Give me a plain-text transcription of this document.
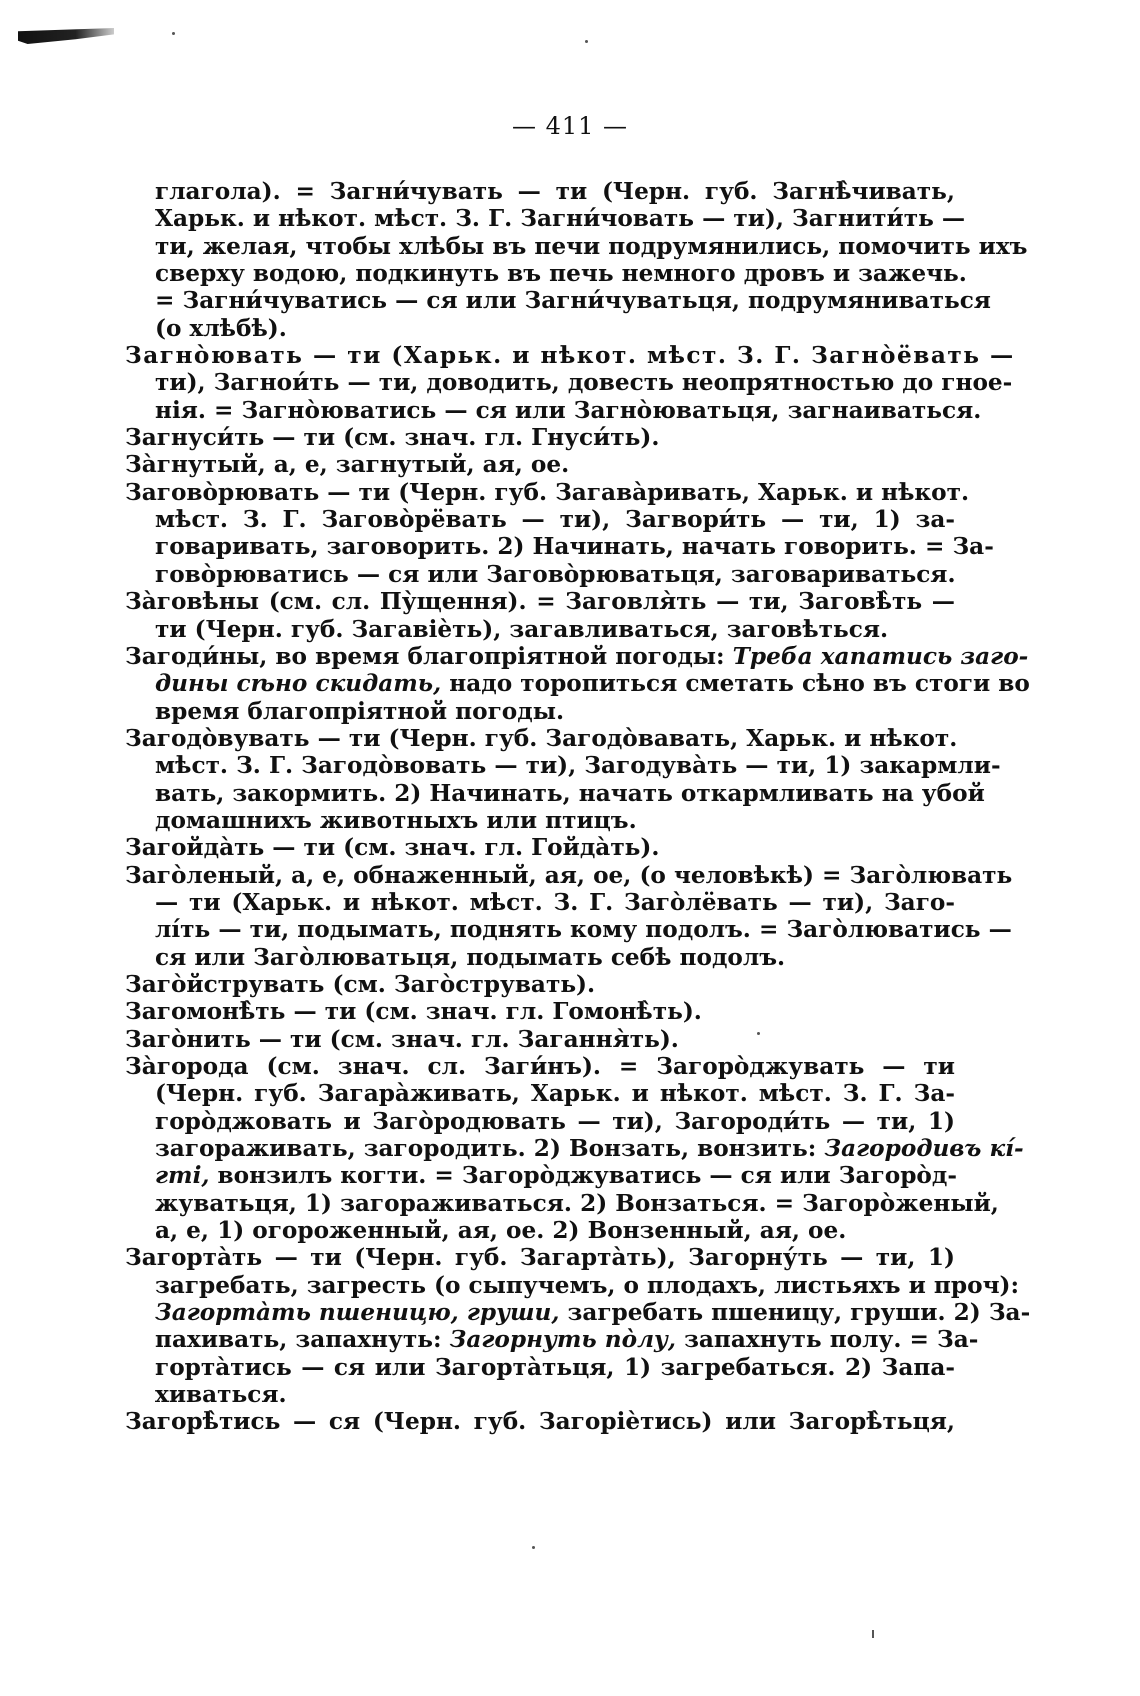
— 411 —
глагола). = Загни́чувать — ти (Черн. губ. Загнѣ̀чивать,
Харьк. и нѣкот. мѣст. З. Г. Загни́човать — ти), Загнити́ть —
ти, желая, чтобы хлѣбы въ печи подрумянились, помочить ихъ
сверху водою, подкинуть въ печь немного дровъ и зажечь.
= Загни́чуватись — ся или Загни́чуватьця, подрумяниваться
(о хлѣбѣ).
Загно̀ювать — ти (Харьк. и нѣкот. мѣст. З. Г. Загно̀ёвать —
ти), Загнои́ть — ти, доводить, довесть неопрятностью до гное-
нія. = Загно̀юватись — ся или Загно̀юватьця, загнаиваться.
Загнуси́ть — ти (см. знач. гл. Гнуси́ть).
За̀гнутый, а, е, загнутый, ая, ое.
Загово̀рювать — ти (Черн. губ. Загава̀ривать, Харьк. и нѣкот.
мѣст. З. Г. Загово̀рёвать — ти), Загвори́ть — ти, 1) за-
говаривать, заговорить. 2) Начинать, начать говорить. = За-
гово̀рюватись — ся или Загово̀рюватьця, заговариваться.
За̀говѣны (см. сл. Пу̀щення). = Заговля̀ть — ти, Заговѣ̀ть —
ти (Черн. губ. Загавіѐть), загавливаться, заговѣться.
Загоди́ны, во время благопріятной погоды: Треба хапатись заго-
дины сѣно скидать, надо торопиться сметать сѣно въ стоги во
время благопріятной погоды.
Загодо̀вувать — ти (Черн. губ. Загодо̀вавать, Харьк. и нѣкот.
мѣст. З. Г. Загодо̀вовать — ти), Загодува̀ть — ти, 1) закармли-
вать, закормить. 2) Начинать, начать откармливать на убой
домашнихъ животныхъ или птицъ.
Загойда̀ть — ти (см. знач. гл. Гойда̀ть).
Заго̀леный, а, е, обнаженный, ая, ое, (о человѣкѣ) = Заго̀лювать
— ти (Харьк. и нѣкот. мѣст. З. Г. Заго̀лёвать — ти), Заго-
лі́ть — ти, подымать, поднять кому подолъ. = Заго̀люватись —
ся или Заго̀люватьця, подымать себѣ подолъ.
Заго̀йструвать (см. Заго̀струвать).
Загомонѣ̀ть — ти (см. знач. гл. Гомонѣ̀ть).
Заго̀нить — ти (см. знач. гл. Загання̀ть).
За̀города (см. знач. сл. Заги́нъ). = Загоро̀джувать — ти
(Черн. губ. Загара̀живать, Харьк. и нѣкот. мѣст. З. Г. За-
горо̀джовать и Заго̀родювать — ти), Загороди́ть — ти, 1)
загораживать, загородить. 2) Вонзать, вонзить: Загородивъ кі́-
гті, вонзилъ когти. = Загоро̀джуватись — ся или Загоро̀д-
жуватьця, 1) загораживаться. 2) Вонзаться. = Загоро̀женый,
а, е, 1) огороженный, ая, ое. 2) Вонзенный, ая, ое.
Загорта̀ть — ти (Черн. губ. Загарта̀ть), Загорну́ть — ти, 1)
загребать, загресть (о сыпучемъ, о плодахъ, листьяхъ и проч):
Загорта̀ть пшеницю, груши, загребать пшеницу, груши. 2) За-
пахивать, запахнуть: Загорнуть по̀лу, запахнуть полу. = За-
горта̀тись — ся или Загорта̀тьця, 1) загребаться. 2) Запа-
хиваться.
Загорѣ̀тись — ся (Черн. губ. Загоріѐтись) или Загорѣ̀тьця,
